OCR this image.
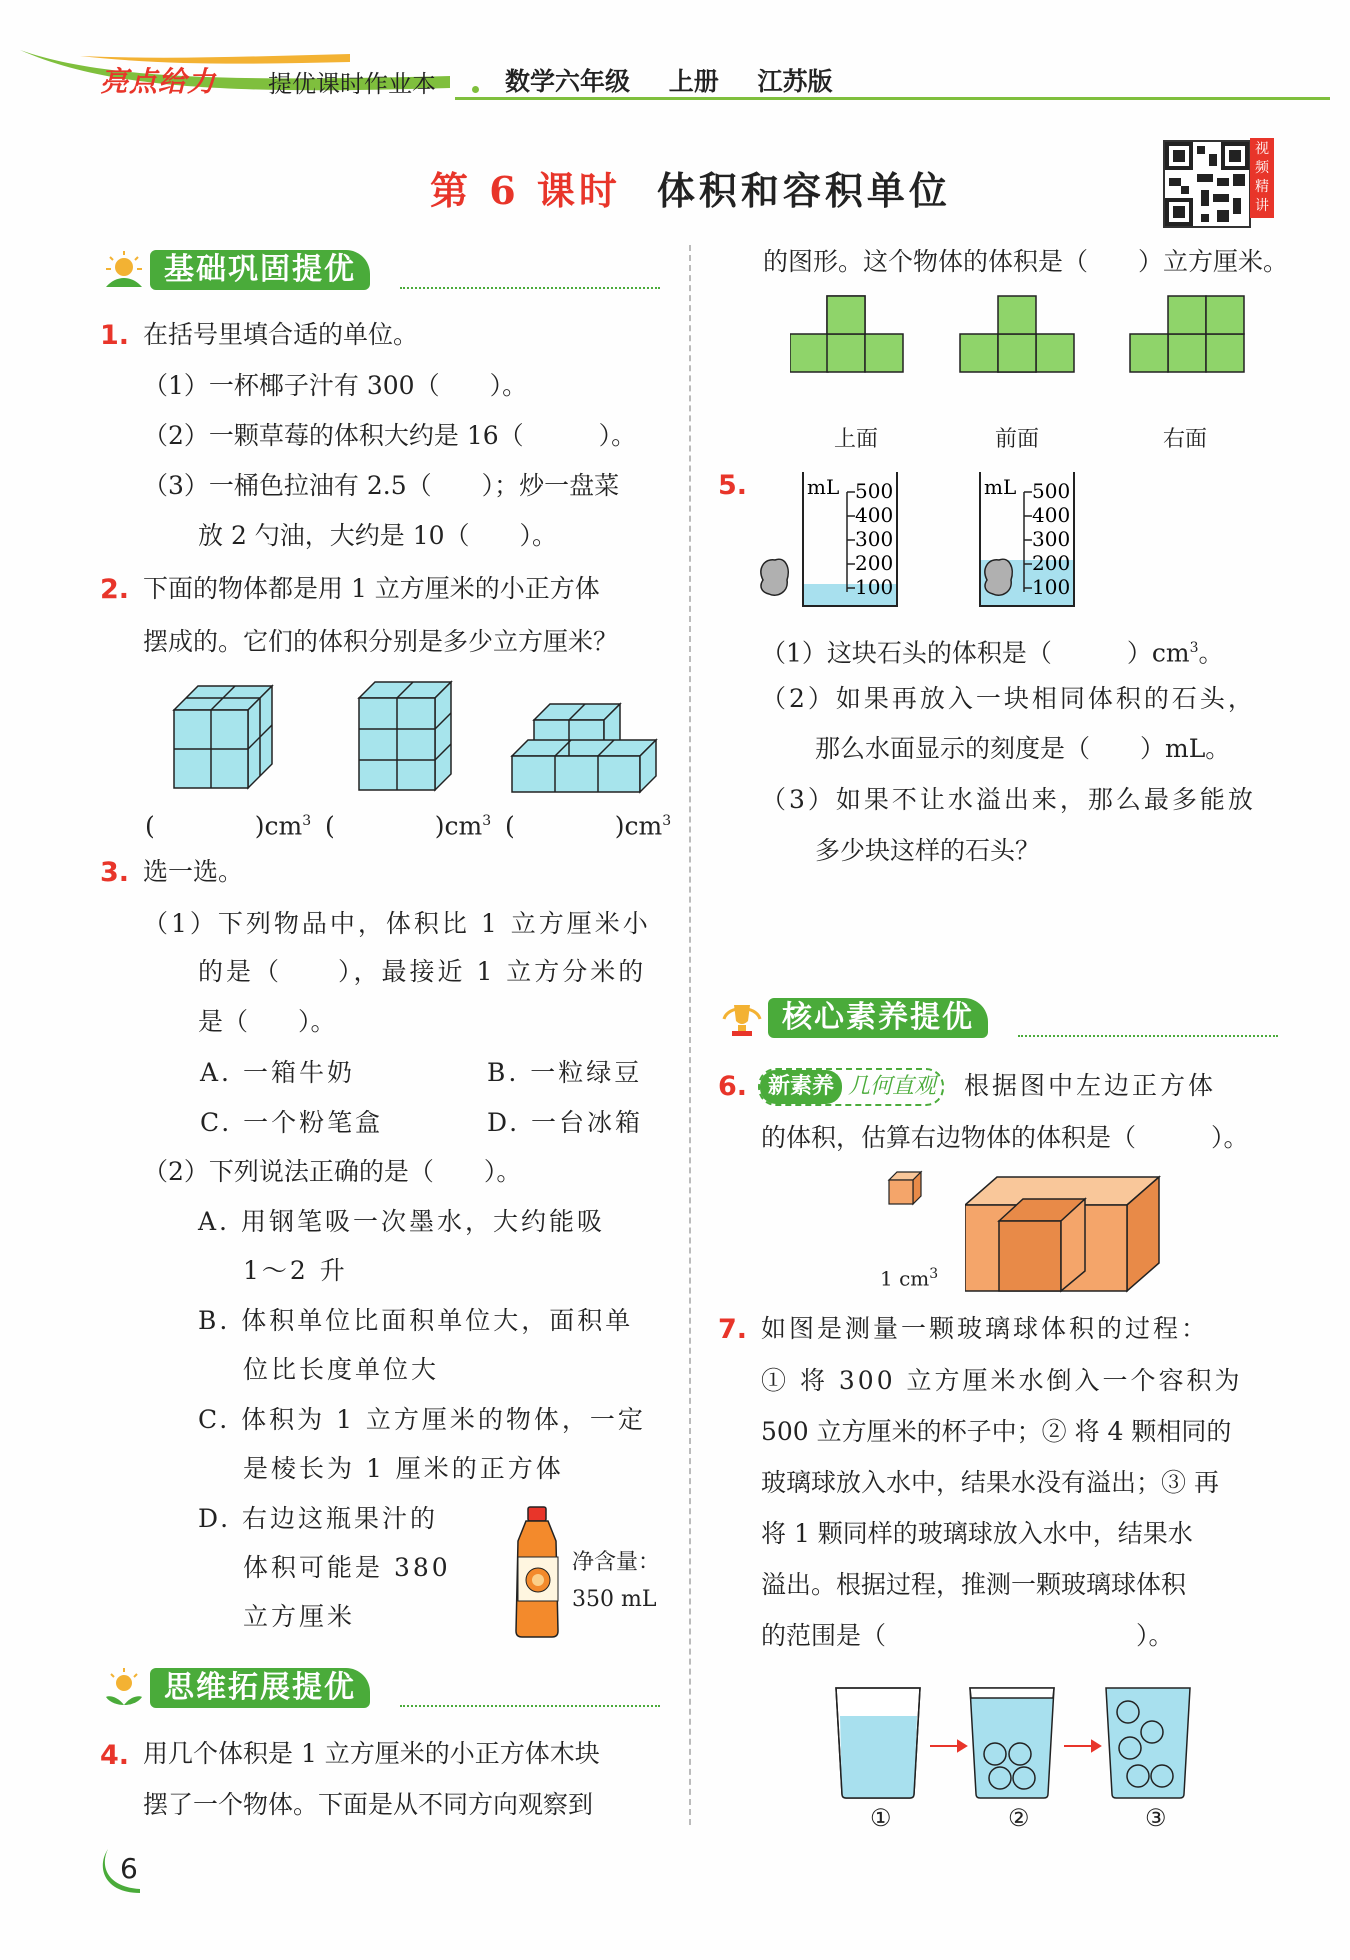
亮点给力 提优课时作业本	数学六年级 上册 江苏版
第 6 课时 体积和容积单位
视频精讲
基础巩固提优
1. 在括号里填合适的单位。
（1）一杯椰子汁有 300（　　）。
（2）一颗草莓的体积大约是 16（　　　）。
（3）一桶色拉油有 2.5（　　）；炒一盘菜
放 2 勺油，大约是 10（　　）。
2. 下面的物体都是用 1 立方厘米的小正方体
摆成的。它们的体积分别是多少立方厘米？
(　　　　)$cm^3$ (　　　　)$cm^3$ (　　　　)$cm^3$
3. 选一选。
（1）下列物品中，体积比 1 立方厘米小
的是（　　），最接近 1 立方分米的
是（　　）。
A. 一箱牛奶	B. 一粒绿豆
C. 一个粉笔盒	D. 一台冰箱
（2）下列说法正确的是（　　）。
A. 用钢笔吸一次墨水，大约能吸
1～2 升
B. 体积单位比面积单位大，面积单
位比长度单位大
C. 体积为 1 立方厘米的物体，一定
是棱长为 1 厘米的正方体
D. 右边这瓶果汁的
体积可能是 380
立方厘米
净含量：
350 mL
思维拓展提优
4. 用几个体积是 1 立方厘米的小正方体木块
摆了一个物体。下面是从不同方向观察到
6
的图形。这个物体的体积是（　　）立方厘米。
上面	前面	右面
5.	mL 500
400
300
200
100
mL 500
400
300
200
100
（1）这块石头的体积是（　　　）$cm^3$。
（2）如果再放入一块相同体积的石头，
那么水面显示的刻度是（　　）mL。
（3）如果不让水溢出来，那么最多能放
多少块这样的石头？
核心素养提优
6. 新素养 几何直观 根据图中左边正方体
的体积，估算右边物体的体积是（　　　）。
1 $cm^3$
7. 如图是测量一颗玻璃球体积的过程：
① 将 300 立方厘米水倒入一个容积为
500 立方厘米的杯子中；② 将 4 颗相同的
玻璃球放入水中，结果水没有溢出；③ 再
将 1 颗同样的玻璃球放入水中，结果水
溢出。根据过程，推测一颗玻璃球体积
的范围是（　　　　　　　　　　）。
①	②	③
